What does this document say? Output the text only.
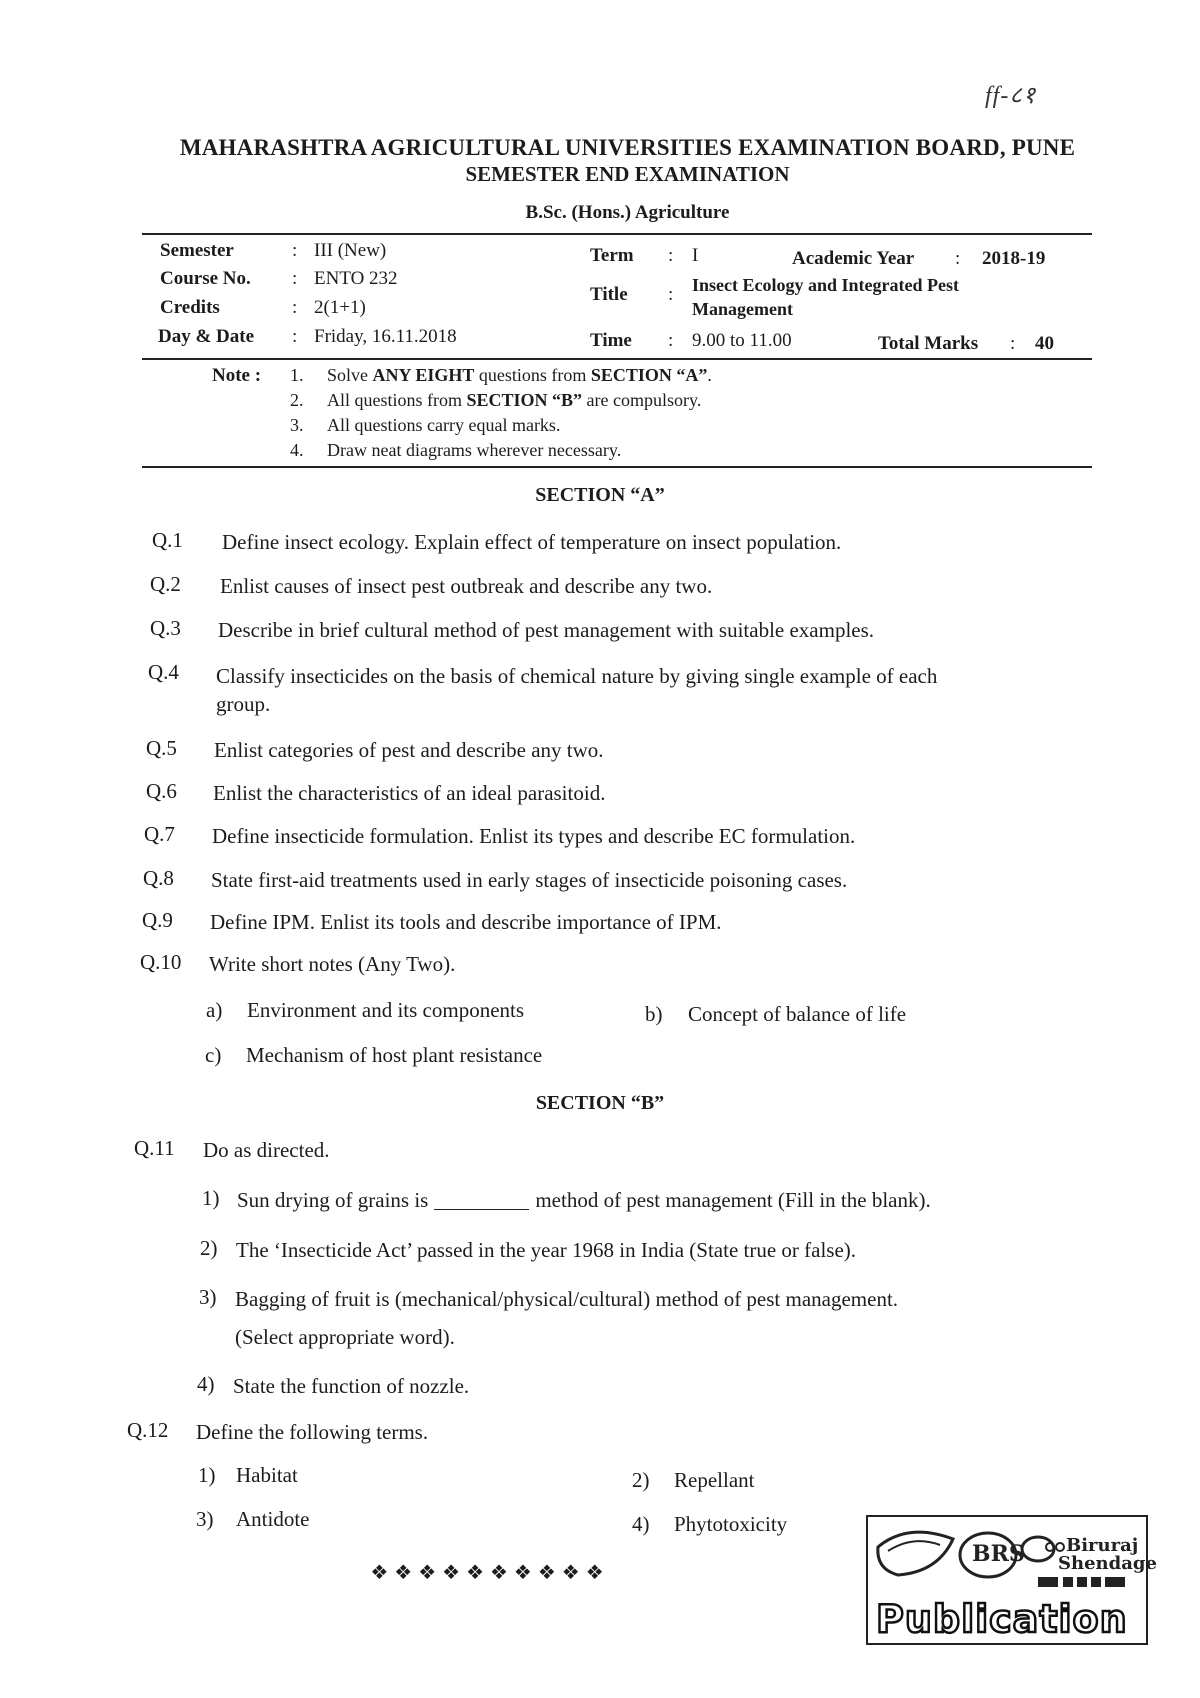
ff-८१
MAHARASHTRA AGRICULTURAL UNIVERSITIES EXAMINATION BOARD, PUNE
SEMESTER END EXAMINATION
B.Sc. (Hons.) Agriculture
Semester	: III (New)
Course No. : ENTO 232
Credits	: 2(1+1)
Day & Date : Friday, 16.11.2018
Term : I	Academic Year : 2018-19
Title : Insect Ecology and Integrated Pest
Management
Time : 9.00 to 11.00	Total Marks : 40
Note : 1. Solve ANY EIGHT questions from SECTION “A”.
2. All questions from SECTION “B” are compulsory.
3. All questions carry equal marks.
4. Draw neat diagrams wherever necessary.
SECTION “A”
Q.1 Define insect ecology. Explain effect of temperature on insect population.
Q.2 Enlist causes of insect pest outbreak and describe any two.
Q.3 Describe in brief cultural method of pest management with suitable examples.
Q.4 Classify insecticides on the basis of chemical nature by giving single example of each
group.
Q.5 Enlist categories of pest and describe any two.
Q.6 Enlist the characteristics of an ideal parasitoid.
Q.7 Define insecticide formulation. Enlist its types and describe EC formulation.
Q.8 State first-aid treatments used in early stages of insecticide poisoning cases.
Q.9 Define IPM. Enlist its tools and describe importance of IPM.
Q.10 Write short notes (Any Two).
a) Environment and its components	b) Concept of balance of life
c) Mechanism of host plant resistance
SECTION “B”
Q.11 Do as directed.
1) Sun drying of grains is	method of pest management (Fill in the blank).
2) The ‘Insecticide Act’ passed in the year 1968 in India (State true or false).
3) Bagging of fruit is (mechanical/physical/cultural) method of pest management.
(Select appropriate word).
4) State the function of nozzle.
Q.12 Define the following terms.
1) Habitat	2) Repellant
3) Antidote	4) Phytotoxicity
❖❖❖❖❖❖❖❖❖❖
BRS Biruraj
Shendage
Publication
